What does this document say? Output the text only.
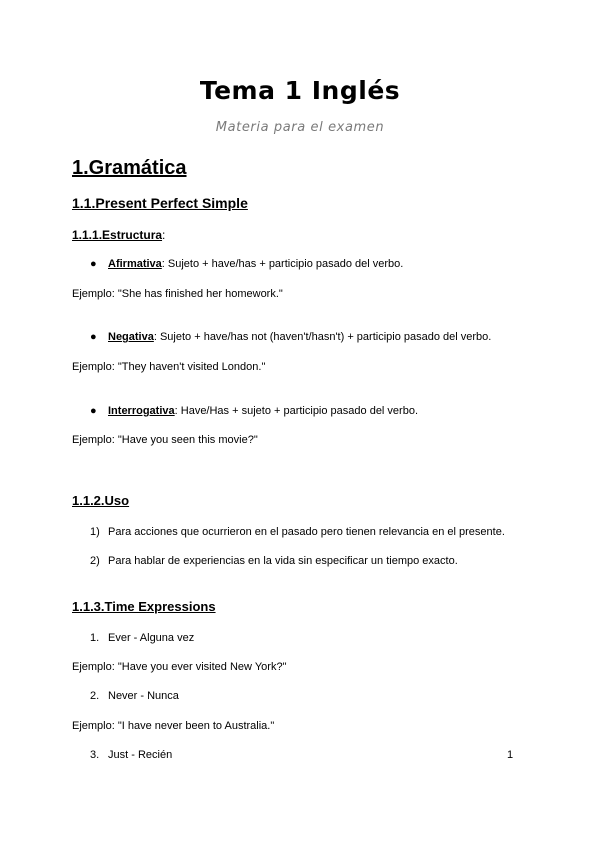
Tema 1 Inglés
Materia para el examen
1.Gramática
1.1.Present Perfect Simple
1.1.1.Estructura:
● Afirmativa: Sujeto + have/has + participio pasado del verbo.
Ejemplo: "She has finished her homework."
● Negativa: Sujeto + have/has not (haven't/hasn't) + participio pasado del verbo.
Ejemplo: "They haven't visited London."
● Interrogativa: Have/Has + sujeto + participio pasado del verbo.
Ejemplo: "Have you seen this movie?"
1.1.2.Uso
1) Para acciones que ocurrieron en el pasado pero tienen relevancia en el presente.
2) Para hablar de experiencias en la vida sin especificar un tiempo exacto.
1.1.3.Time Expressions
1. Ever - Alguna vez
Ejemplo: "Have you ever visited New York?"
2. Never - Nunca
Ejemplo: "I have never been to Australia."
3. Just - Recién	1
